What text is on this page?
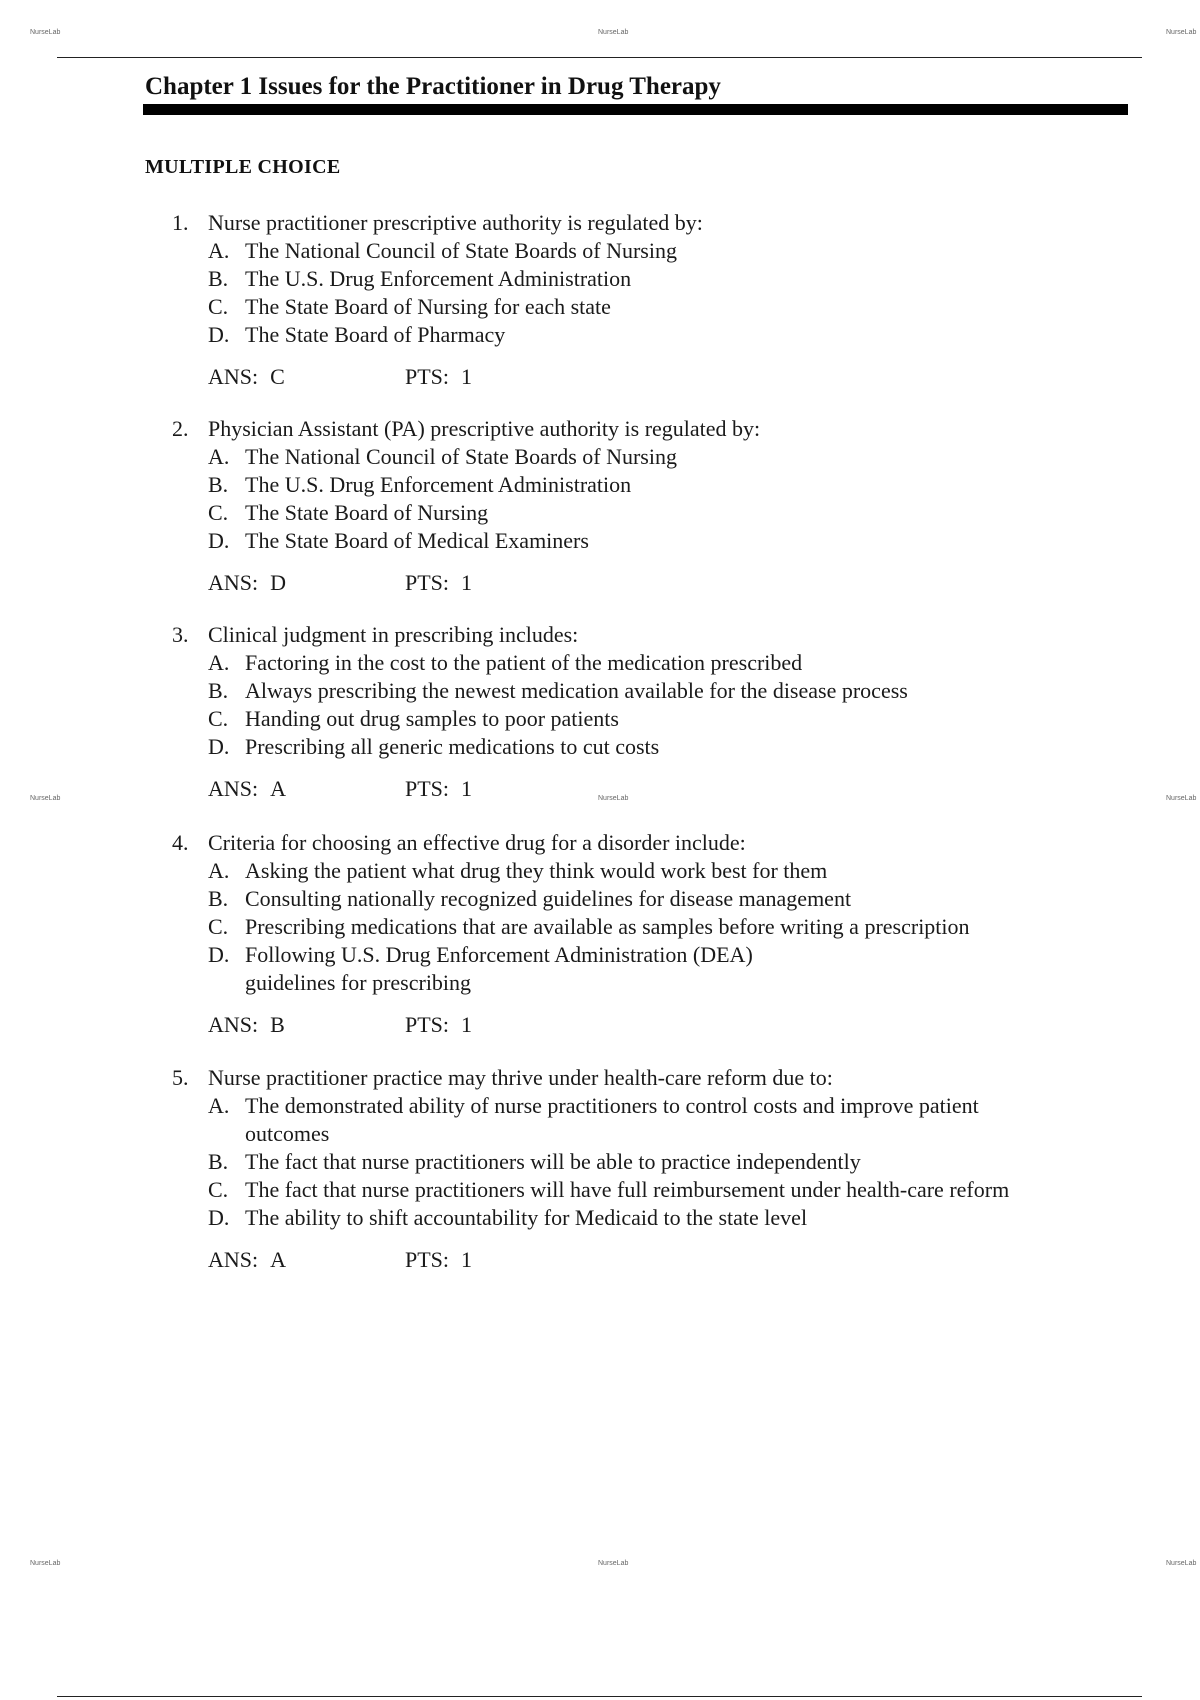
NurseLab	NurseLab	NurseLab
NurseLab	NurseLab	NurseLab
NurseLab	NurseLab	NurseLab
Chapter 1 Issues for the Practitioner in Drug Therapy
MULTIPLE CHOICE
1. Nurse practitioner prescriptive authority is regulated by:
A. The National Council of State Boards of Nursing
B. The U.S. Drug Enforcement Administration
C. The State Board of Nursing for each state
D. The State Board of Pharmacy
ANS: C	PTS: 1
2. Physician Assistant (PA) prescriptive authority is regulated by:
A. The National Council of State Boards of Nursing
B. The U.S. Drug Enforcement Administration
C. The State Board of Nursing
D. The State Board of Medical Examiners
ANS: D	PTS: 1
3. Clinical judgment in prescribing includes:
A. Factoring in the cost to the patient of the medication prescribed
B. Always prescribing the newest medication available for the disease process
C. Handing out drug samples to poor patients
D. Prescribing all generic medications to cut costs
ANS: A	PTS: 1
4. Criteria for choosing an effective drug for a disorder include:
A. Asking the patient what drug they think would work best for them
B. Consulting nationally recognized guidelines for disease management
C. Prescribing medications that are available as samples before writing a prescription
D. Following U.S. Drug Enforcement Administration (DEA) guidelines for prescribing
ANS: B	PTS: 1
5. Nurse practitioner practice may thrive under health-care reform due to:
A. The demonstrated ability of nurse practitioners to control costs and improve patient outcomes
B. The fact that nurse practitioners will be able to practice independently
C. The fact that nurse practitioners will have full reimbursement under health-care reform
D. The ability to shift accountability for Medicaid to the state level
ANS: A	PTS: 1
